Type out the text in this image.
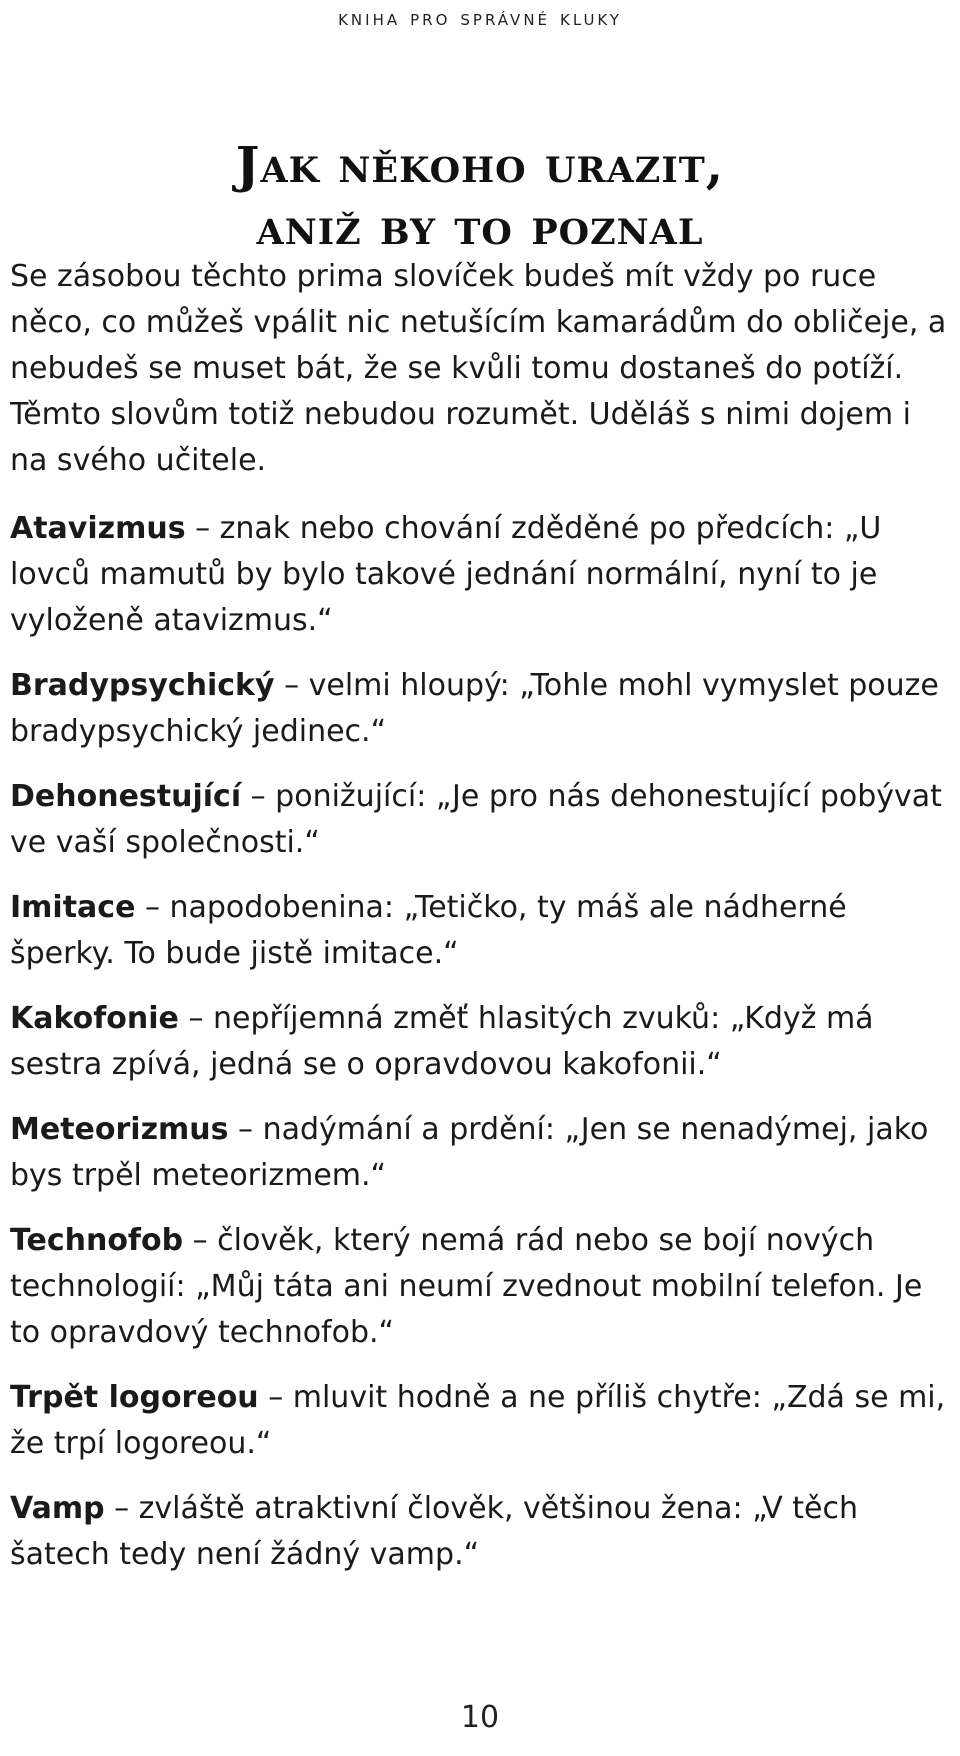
kniha pro správné kluky
Jak někoho urazit,
aniž by to poznal

Se zásobou těchto prima slovíček budeš mít vždy po ruce něco, co můžeš vpálit nic netušícím kamarádům do obličeje, a nebudeš se muset bát, že se kvůli tomu dostaneš do potíží. Těmto slovům totiž nebudou rozumět. Uděláš s nimi dojem i na svého učitele.

Atavizmus – znak nebo chování zděděné po předcích: „U lovců mamutů by bylo takové jednání normální, nyní to je vyloženě atavizmus.“

Bradypsychický – velmi hloupý: „Tohle mohl vymyslet pouze bradypsychický jedinec.“

Dehonestující – ponižující: „Je pro nás dehonestující pobývat ve vaší společnosti.“

Imitace – napodobenina: „Tetičko, ty máš ale nádherné šperky. To bude jistě imitace.“

Kakofonie – nepříjemná změť hlasitých zvuků: „Když má sestra zpívá, jedná se o opravdovou kakofonii.“

Meteorizmus – nadýmání a prdění: „Jen se nenadýmej, jako bys trpěl meteorizmem.“

Technofob – člověk, který nemá rád nebo se bojí nových technologií: „Můj táta ani neumí zvednout mobilní telefon. Je to opravdový technofob.“

Trpět logoreou – mluvit hodně a ne příliš chytře: „Zdá se mi, že trpí logoreou.“

Vamp – zvláště atraktivní člověk, většinou žena: „V těch šatech tedy není žádný vamp.“

10
